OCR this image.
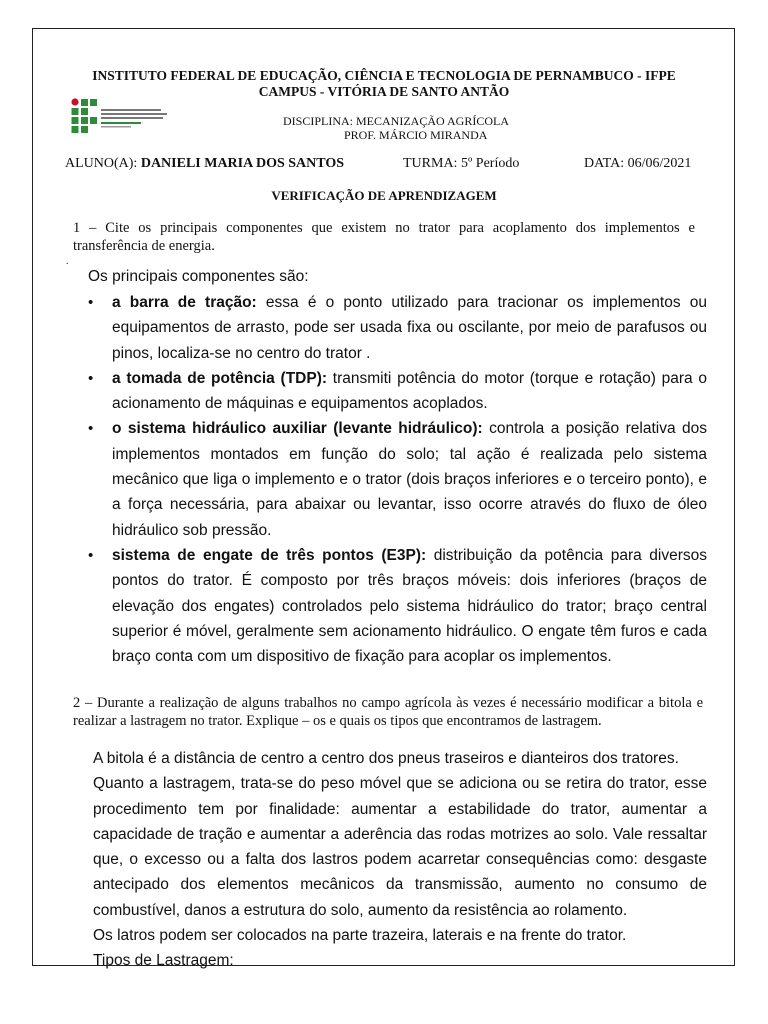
INSTITUTO FEDERAL DE EDUCAÇÃO, CIÊNCIA E TECNOLOGIA DE PERNAMBUCO - IFPE
CAMPUS - VITÓRIA DE SANTO ANTÃO
DISCIPLINA: MECANIZAÇÃO AGRÍCOLA
PROF. MÁRCIO MIRANDA
ALUNO(A): DANIELI MARIA DOS SANTOS	TURMA: 5º Período	DATA: 06/06/2021
VERIFICAÇÃO DE APRENDIZAGEM
1 – Cite os principais componentes que existem no trator para acoplamento dos implementos e transferência de energia.
.
Os principais componentes são:
• a barra de tração: essa é o ponto utilizado para tracionar os implementos ou equipamentos de arrasto, pode ser usada fixa ou oscilante, por meio de parafusos ou pinos, localiza-se no centro do trator .
• a tomada de potência (TDP): transmiti potência do motor (torque e rotação) para o acionamento de máquinas e equipamentos acoplados.
• o sistema hidráulico auxiliar (levante hidráulico): controla a posição relativa dos implementos montados em função do solo; tal ação é realizada pelo sistema mecânico que liga o implemento e o trator (dois braços inferiores e o terceiro ponto), e a força necessária, para abaixar ou levantar, isso ocorre através do fluxo de óleo hidráulico sob pressão.
• sistema de engate de três pontos (E3P): distribuição da potência para diversos pontos do trator. É composto por três braços móveis: dois inferiores (braços de elevação dos engates) controlados pelo sistema hidráulico do trator; braço central superior é móvel, geralmente sem acionamento hidráulico. O engate têm furos e cada braço conta com um dispositivo de fixação para acoplar os implementos.
2 – Durante a realização de alguns trabalhos no campo agrícola às vezes é necessário modificar a bitola e realizar a lastragem no trator. Explique – os e quais os tipos que encontramos de lastragem.

A bitola é a distância de centro a centro dos pneus traseiros e dianteiros dos tratores.

Quanto a lastragem, trata-se do peso móvel que se adiciona ou se retira do trator, esse procedimento tem por finalidade: aumentar a estabilidade do trator, aumentar a capacidade de tração e aumentar a aderência das rodas motrizes ao solo. Vale ressaltar que, o excesso ou a falta dos lastros podem acarretar consequências como: desgaste antecipado dos elementos mecânicos da transmissão, aumento no consumo de combustível, danos a estrutura do solo, aumento da resistência ao rolamento.

Os latros podem ser colocados na parte trazeira, laterais e na frente do trator.

Tipos de Lastragem:
